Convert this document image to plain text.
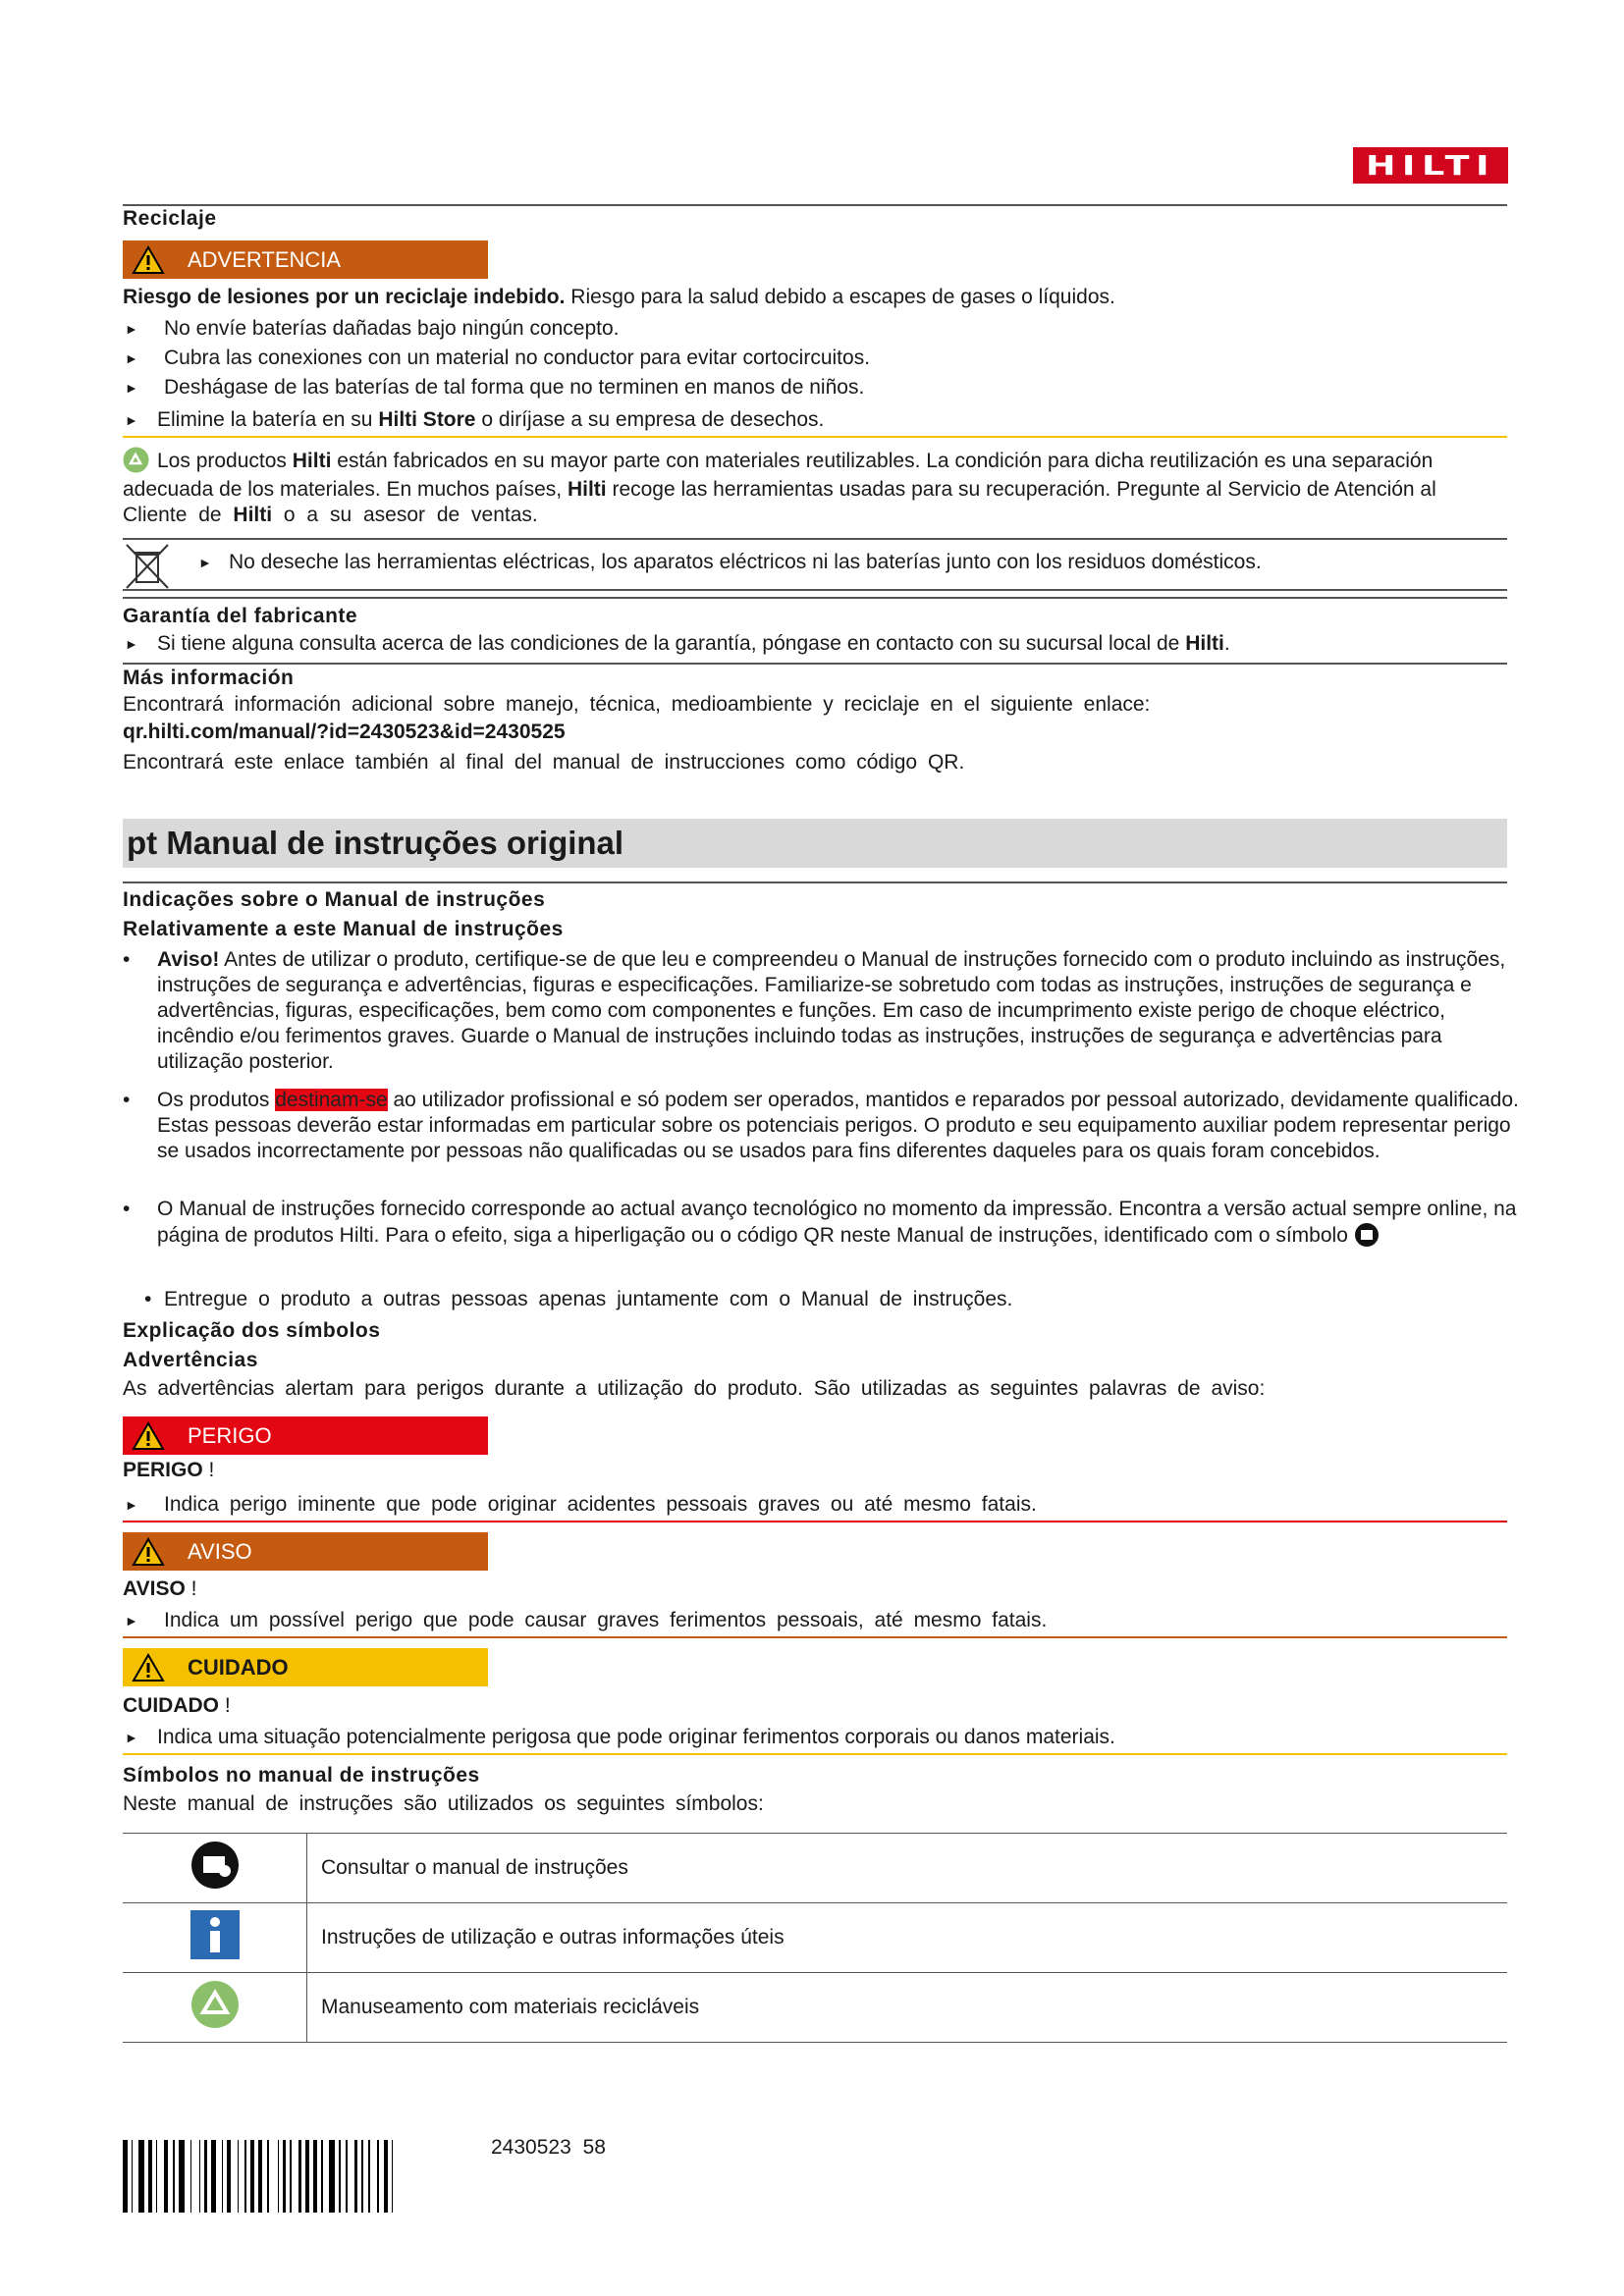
HILTI
Reciclaje
ADVERTENCIA

Riesgo de lesiones por un reciclaje indebido. Riesgo para la salud debido a escapes de gases o líquidos.

► No envíe baterías dañadas bajo ningún concepto.
► Cubra las conexiones con un material no conductor para evitar cortocircuitos.
► Deshágase de las baterías de tal forma que no terminen en manos de niños.
► Elimine la batería en su Hilti Store o diríjase a su empresa de desechos.

Los productos Hilti están fabricados en su mayor parte con materiales reutilizables. La condición para dicha reutilización es una separación

adecuada de los materiales. En muchos países, Hilti recoge las herramientas usadas para su recuperación. Pregunte al Servicio de Atención al

Cliente de Hilti o a su asesor de ventas.

► No deseche las herramientas eléctricas, los aparatos eléctricos ni las baterías junto con los residuos domésticos.
Garantía del fabricante
► Si tiene alguna consulta acerca de las condiciones de la garantía, póngase en contacto con su sucursal local de Hilti.
Más información

Encontrará información adicional sobre manejo, técnica, medioambiente y reciclaje en el siguiente enlace:

qr.hilti.com/manual/?id=2430523&id=2430525

Encontrará este enlace también al final del manual de instrucciones como código QR.

pt Manual de instruções original
Indicações sobre o Manual de instruções
Relativamente a este Manual de instruções
• Aviso! Antes de utilizar o produto, certifique-se de que leu e compreendeu o Manual de instruções fornecido com o produto incluindo as instruções, instruções de segurança e advertências, figuras e especificações. Familiarize-se sobretudo com todas as instruções, instruções de segurança e advertências, figuras, especificações, bem como com componentes e funções. Em caso de incumprimento existe perigo de choque eléctrico, incêndio e/ou ferimentos graves. Guarde o Manual de instruções incluindo todas as instruções, instruções de segurança e advertências para utilização posterior.
• Os produtos destinam-se ao utilizador profissional e só podem ser operados, mantidos e reparados por pessoal autorizado, devidamente qualificado. Estas pessoas deverão estar informadas em particular sobre os potenciais perigos. O produto e seu equipamento auxiliar podem representar perigo se usados incorrectamente por pessoas não qualificadas ou se usados para fins diferentes daqueles para os quais foram concebidos.
• O Manual de instruções fornecido corresponde ao actual avanço tecnológico no momento da impressão. Encontra a versão actual sempre online, na página de produtos Hilti. Para o efeito, siga a hiperligação ou o código QR neste Manual de instruções, identificado com o símbolo
• Entregue o produto a outras pessoas apenas juntamente com o Manual de instruções.
Explicação dos símbolos
Advertências

As advertências alertam para perigos durante a utilização do produto. São utilizadas as seguintes palavras de aviso:

PERIGO

PERIGO !

► Indica perigo iminente que pode originar acidentes pessoais graves ou até mesmo fatais.
AVISO

AVISO !

► Indica um possível perigo que pode causar graves ferimentos pessoais, até mesmo fatais.
CUIDADO

CUIDADO !

► Indica uma situação potencialmente perigosa que pode originar ferimentos corporais ou danos materiais.
Símbolos no manual de instruções

Neste manual de instruções são utilizados os seguintes símbolos:

	Consultar o manual de instruções
	Instruções de utilização e outras informações úteis
	Manuseamento com materiais recicláveis
2430523 58
